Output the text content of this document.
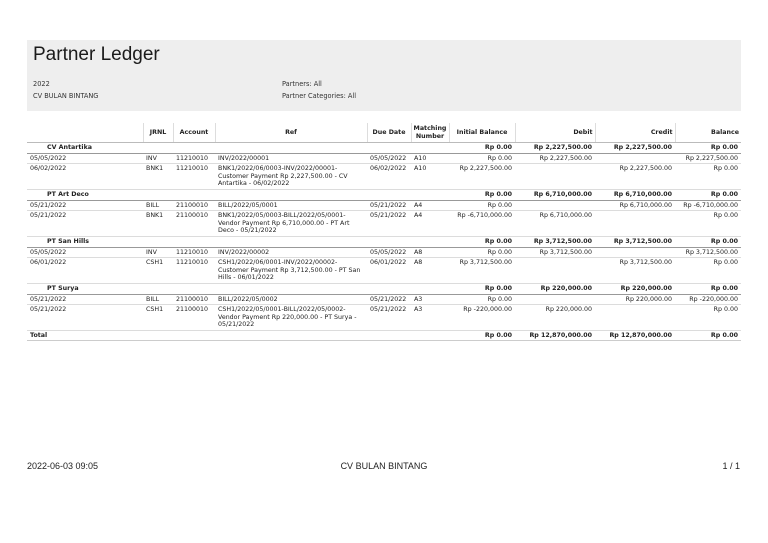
Partner Ledger
2022
CV BULAN BINTANG
Partners: All
Partner Categories: All
	JRNL	Account	Ref	Due Date	Matching Number	Initial Balance	Debit	Credit	Balance
CV Antartika						Rp 0.00	Rp 2,227,500.00	Rp 2,227,500.00	Rp 0.00
05/05/2022	INV	11210010	INV/2022/00001	05/05/2022	A10	Rp 0.00	Rp 2,227,500.00		Rp 2,227,500.00
06/02/2022	BNK1	11210010	BNK1/2022/06/0003-INV/2022/00001-Customer Payment Rp 2,227,500.00 - CV Antartika - 06/02/2022	06/02/2022	A10	Rp 2,227,500.00		Rp 2,227,500.00	Rp 0.00
PT Art Deco						Rp 0.00	Rp 6,710,000.00	Rp 6,710,000.00	Rp 0.00
05/21/2022	BILL	21100010	BILL/2022/05/0001	05/21/2022	A4	Rp 0.00		Rp 6,710,000.00	Rp -6,710,000.00
05/21/2022	BNK1	21100010	BNK1/2022/05/0003-BILL/2022/05/0001-Vendor Payment Rp 6,710,000.00 - PT Art Deco - 05/21/2022	05/21/2022	A4	Rp -6,710,000.00	Rp 6,710,000.00		Rp 0.00
PT San Hills						Rp 0.00	Rp 3,712,500.00	Rp 3,712,500.00	Rp 0.00
05/05/2022	INV	11210010	INV/2022/00002	05/05/2022	A8	Rp 0.00	Rp 3,712,500.00		Rp 3,712,500.00
06/01/2022	CSH1	11210010	CSH1/2022/06/0001-INV/2022/00002-Customer Payment Rp 3,712,500.00 - PT San Hills - 06/01/2022	06/01/2022	A8	Rp 3,712,500.00		Rp 3,712,500.00	Rp 0.00
PT Surya						Rp 0.00	Rp 220,000.00	Rp 220,000.00	Rp 0.00
05/21/2022	BILL	21100010	BILL/2022/05/0002	05/21/2022	A3	Rp 0.00		Rp 220,000.00	Rp -220,000.00
05/21/2022	CSH1	21100010	CSH1/2022/05/0001-BILL/2022/05/0002-Vendor Payment Rp 220,000.00 - PT Surya - 05/21/2022	05/21/2022	A3	Rp -220,000.00	Rp 220,000.00		Rp 0.00
Total						Rp 0.00	Rp 12,870,000.00	Rp 12,870,000.00	Rp 0.00
2022-06-03 09:05	CV BULAN BINTANG	1 / 1
